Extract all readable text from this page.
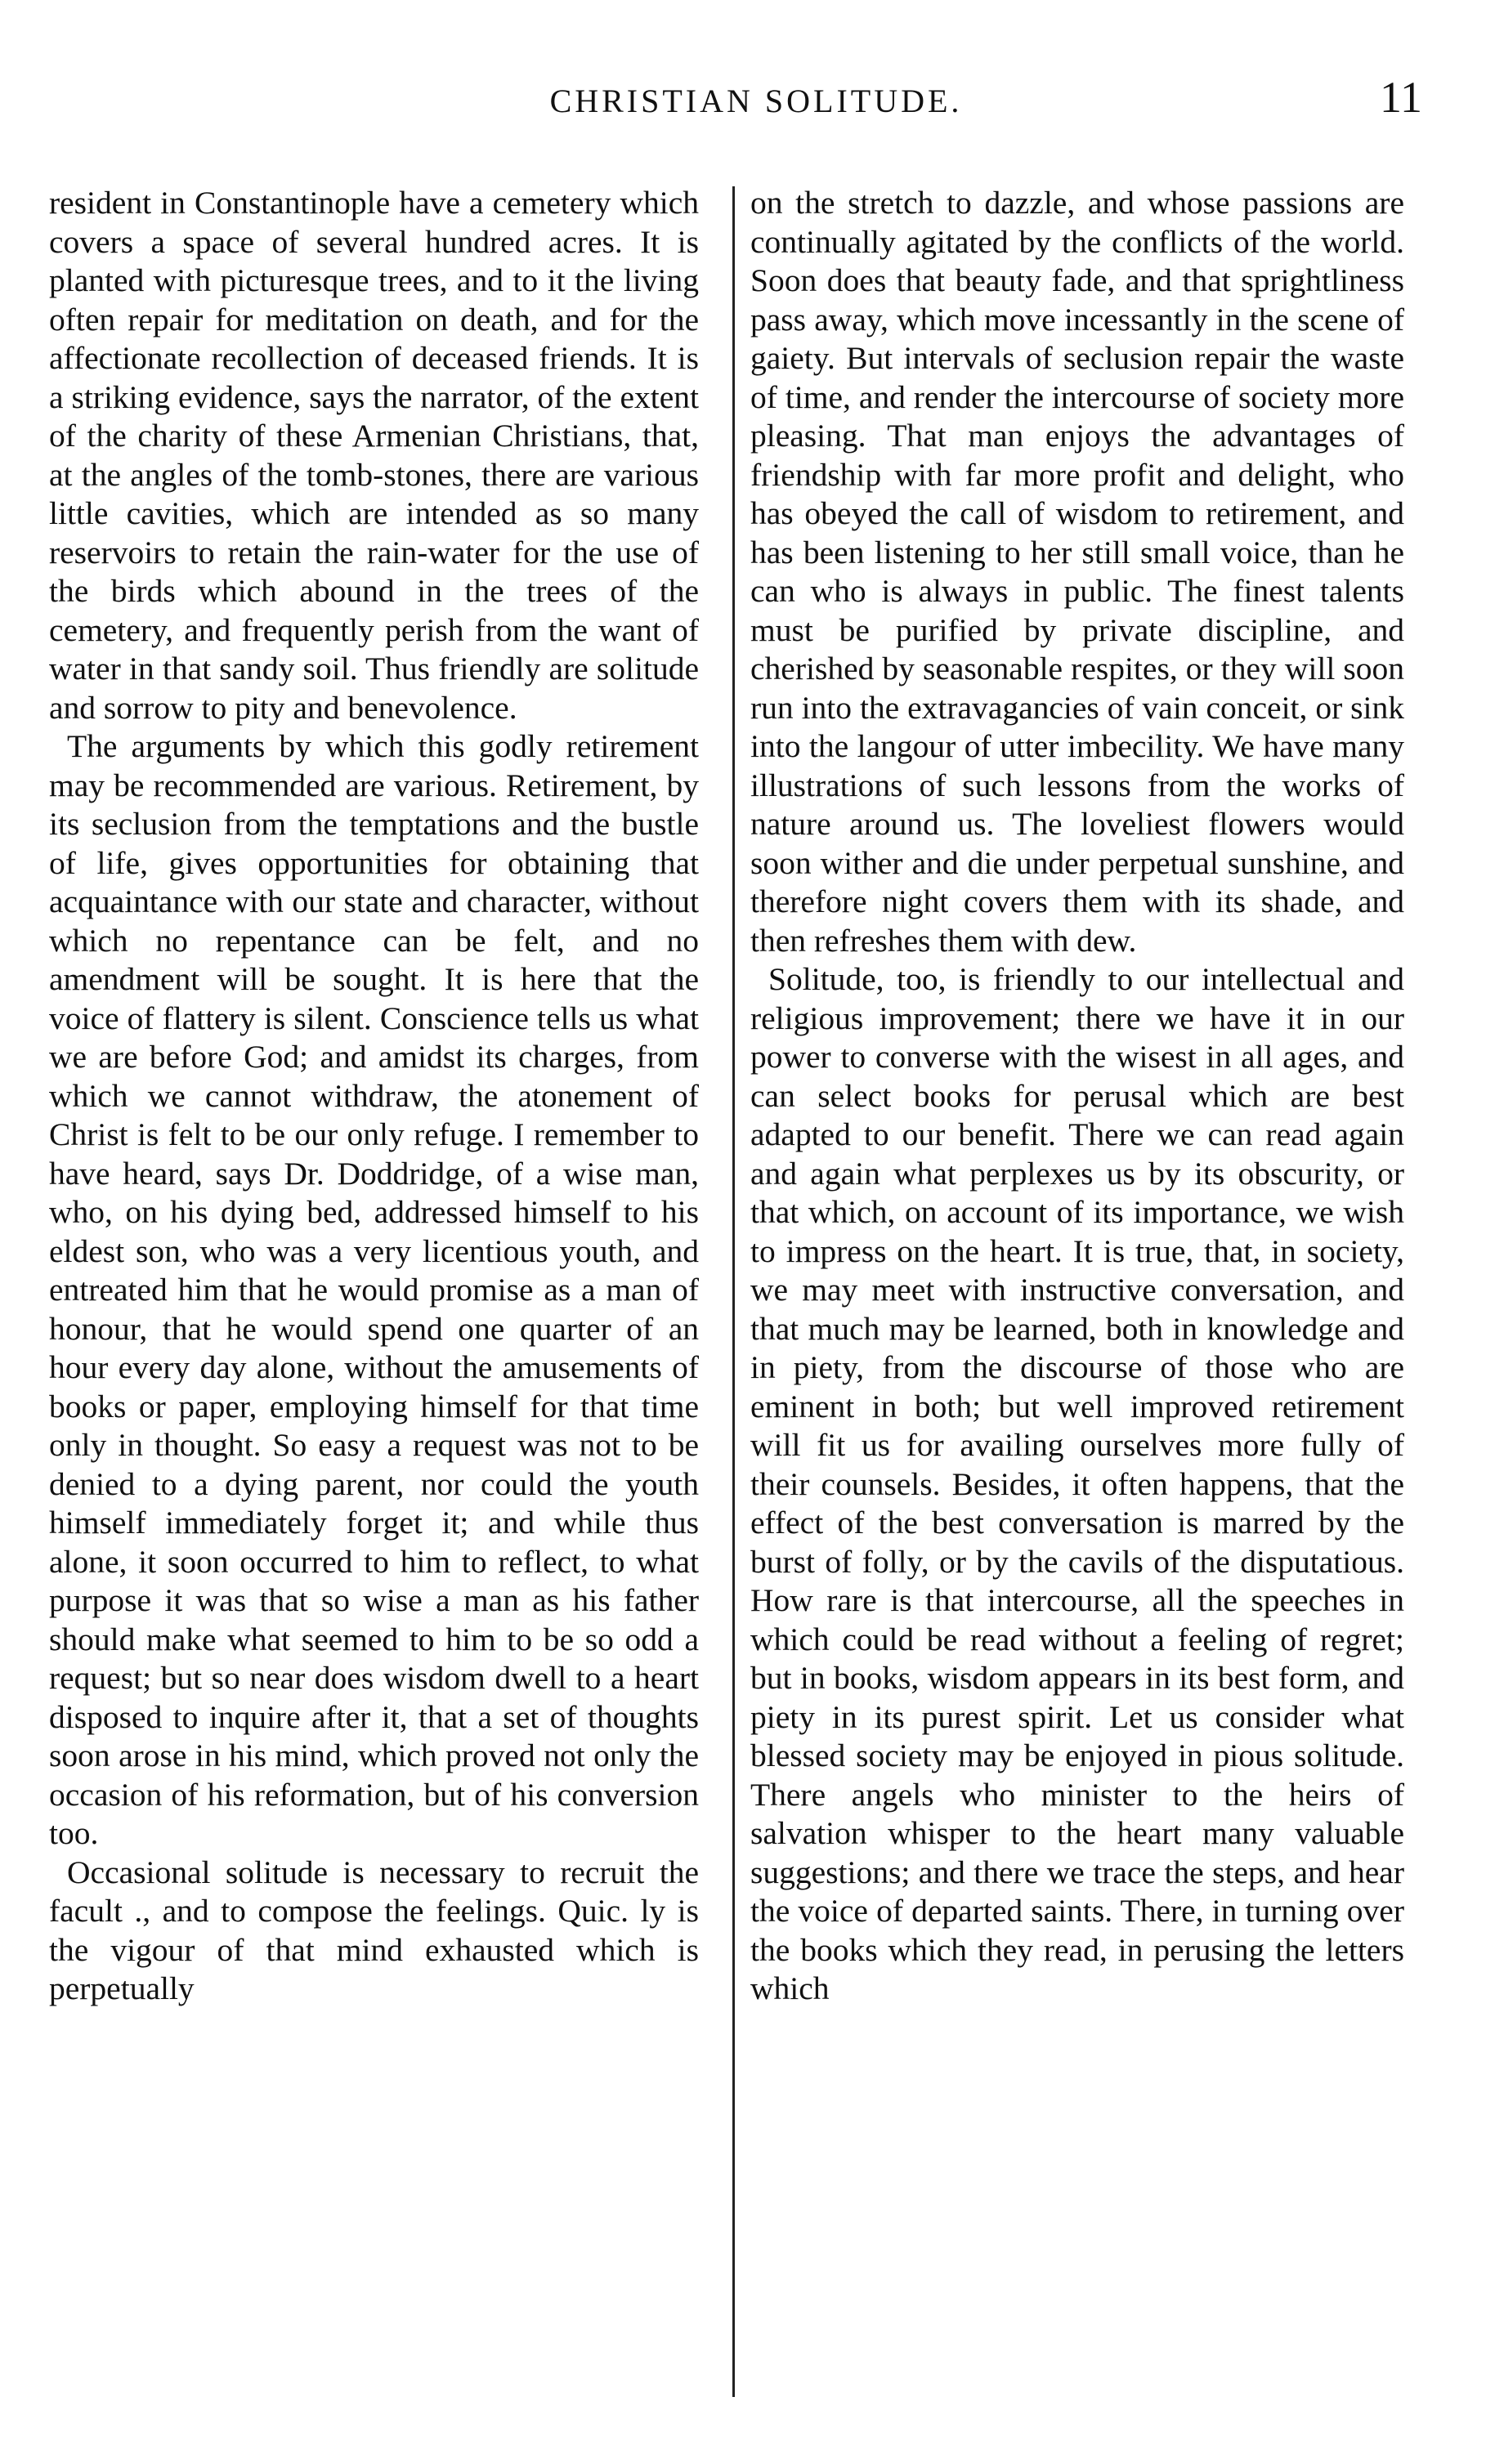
CHRISTIAN SOLITUDE.	11

resident in Constantinople have a cemetery which covers a space of several hundred acres. It is planted with picturesque trees, and to it the living often repair for meditation on death, and for the affectionate recollection of deceased friends. It is a striking evidence, says the narrator, of the extent of the charity of these Armenian Christians, that, at the angles of the tomb-stones, there are various little cavities, which are intended as so many reservoirs to retain the rain-water for the use of the birds which abound in the trees of the cemetery, and frequently perish from the want of water in that sandy soil. Thus friendly are solitude and sorrow to pity and benevolence.

The arguments by which this godly retirement may be recommended are various. Retirement, by its seclusion from the temptations and the bustle of life, gives opportunities for obtaining that acquaintance with our state and character, without which no repentance can be felt, and no amendment will be sought. It is here that the voice of flattery is silent. Conscience tells us what we are before God; and amidst its charges, from which we cannot withdraw, the atonement of Christ is felt to be our only refuge. I remember to have heard, says Dr. Doddridge, of a wise man, who, on his dying bed, addressed himself to his eldest son, who was a very licentious youth, and entreated him that he would promise as a man of honour, that he would spend one quarter of an hour every day alone, without the amusements of books or paper, employing himself for that time only in thought. So easy a request was not to be denied to a dying parent, nor could the youth himself immediately forget it; and while thus alone, it soon occurred to him to reflect, to what purpose it was that so wise a man as his father should make what seemed to him to be so odd a request; but so near does wisdom dwell to a heart disposed to inquire after it, that a set of thoughts soon arose in his mind, which proved not only the occasion of his reformation, but of his conversion too.

Occasional solitude is necessary to recruit the facult ., and to compose the feelings. Quic. ly is the vigour of that mind exhausted which is perpetually

on the stretch to dazzle, and whose passions are continually agitated by the conflicts of the world. Soon does that beauty fade, and that sprightliness pass away, which move incessantly in the scene of gaiety. But intervals of seclusion repair the waste of time, and render the intercourse of society more pleasing. That man enjoys the advantages of friendship with far more profit and delight, who has obeyed the call of wisdom to retirement, and has been listening to her still small voice, than he can who is always in public. The finest talents must be purified by private discipline, and cherished by seasonable respites, or they will soon run into the extravagancies of vain conceit, or sink into the langour of utter imbecility. We have many illustrations of such lessons from the works of nature around us. The loveliest flowers would soon wither and die under perpetual sunshine, and therefore night covers them with its shade, and then refreshes them with dew.

Solitude, too, is friendly to our intellectual and religious improvement; there we have it in our power to converse with the wisest in all ages, and can select books for perusal which are best adapted to our benefit. There we can read again and again what perplexes us by its obscurity, or that which, on account of its importance, we wish to impress on the heart. It is true, that, in society, we may meet with instructive conversation, and that much may be learned, both in knowledge and in piety, from the discourse of those who are eminent in both; but well improved retirement will fit us for availing ourselves more fully of their counsels. Besides, it often happens, that the effect of the best conversation is marred by the burst of folly, or by the cavils of the disputatious. How rare is that intercourse, all the speeches in which could be read without a feeling of regret; but in books, wisdom appears in its best form, and piety in its purest spirit. Let us consider what blessed society may be enjoyed in pious solitude. There angels who minister to the heirs of salvation whisper to the heart many valuable suggestions; and there we trace the steps, and hear the voice of departed saints. There, in turning over the books which they read, in perusing the letters which
